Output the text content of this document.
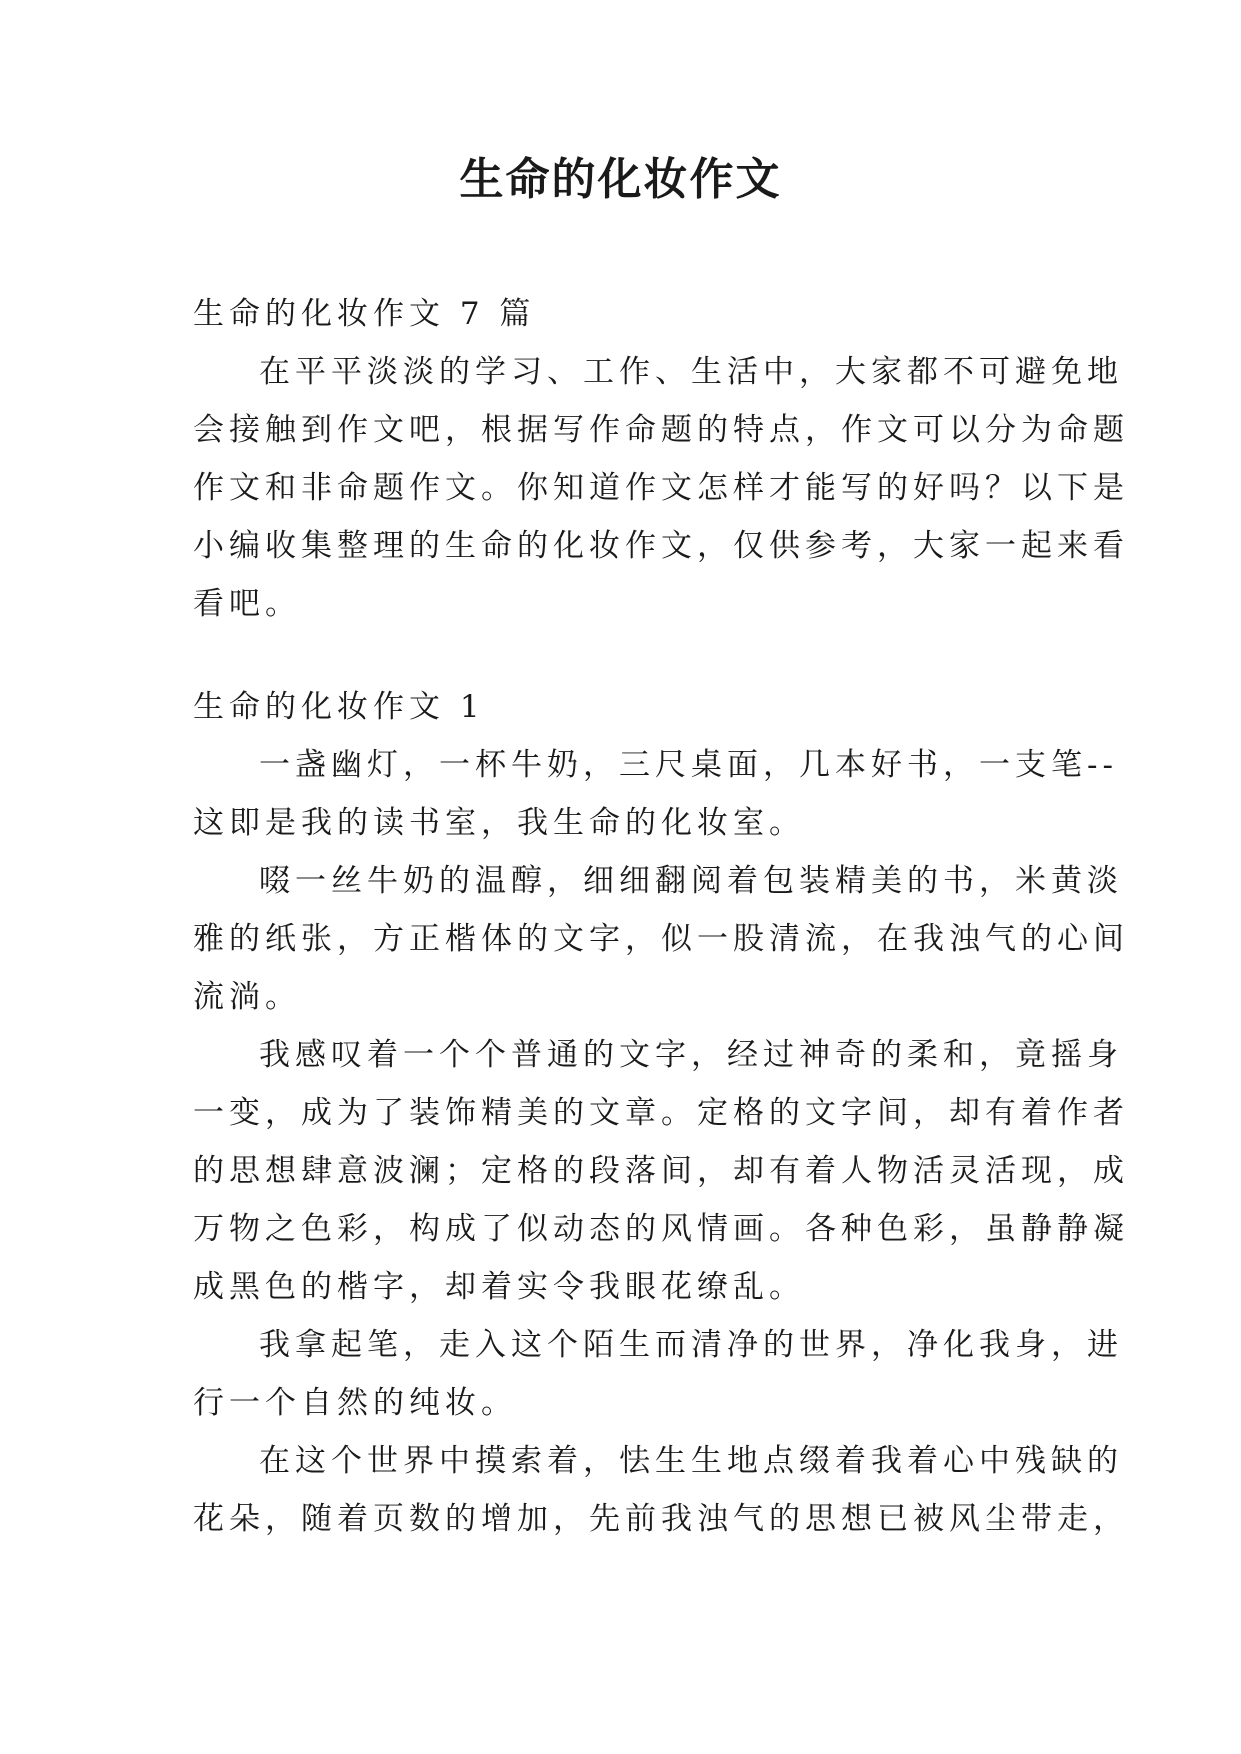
生命的化妆作文
生命的化妆作文 7 篇
在平平淡淡的学习、工作、生活中，大家都不可避免地
会接触到作文吧，根据写作命题的特点，作文可以分为命题
作文和非命题作文。你知道作文怎样才能写的好吗？以下是
小编收集整理的生命的化妆作文，仅供参考，大家一起来看
看吧。
生命的化妆作文 1
一盏幽灯，一杯牛奶，三尺桌面，几本好书，一支笔--
这即是我的读书室，我生命的化妆室。
啜一丝牛奶的温醇，细细翻阅着包装精美的书，米黄淡
雅的纸张，方正楷体的文字，似一股清流，在我浊气的心间
流淌。
我感叹着一个个普通的文字，经过神奇的柔和，竟摇身
一变，成为了装饰精美的文章。定格的文字间，却有着作者
的思想肆意波澜；定格的段落间，却有着人物活灵活现，成
万物之色彩，构成了似动态的风情画。各种色彩，虽静静凝
成黑色的楷字，却着实令我眼花缭乱。
我拿起笔，走入这个陌生而清净的世界，净化我身，进
行一个自然的纯妆。
在这个世界中摸索着，怯生生地点缀着我着心中残缺的
花朵，随着页数的增加，先前我浊气的思想已被风尘带走，
